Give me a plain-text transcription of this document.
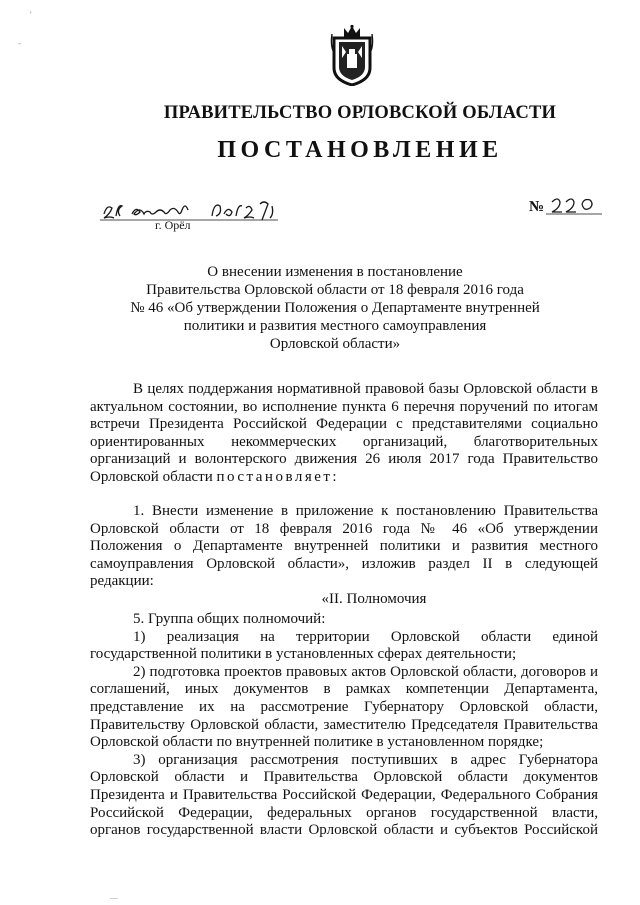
'
-
ПРАВИТЕЛЬСТВО ОРЛОВСКОЙ ОБЛАСТИ
ПОСТАНОВЛЕНИЕ
г. Орёл
№
О внесении изменения в постановление
Правительства Орловской области от 18 февраля 2016 года
№ 46 «Об утверждении Положения о Департаменте внутренней
политики и развития местного самоуправления
Орловской области»

В целях поддержания нормативной правовой базы Орловской области в актуальном состоянии, во исполнение пункта 6 перечня поручений по итогам встречи Президента Российской Федерации с представителями социально ориентированных некоммерческих организаций, благотворительных организаций и волонтерского движения 26 июля 2017 года Правительство Орловской области постановляет:

1. Внести изменение в приложение к постановлению Правительства Орловской области от 18 февраля 2016 года № 46 «Об утверждении Положения о Департаменте внутренней политики и развития местного самоуправления Орловской области», изложив раздел II в следующей редакции:

«II. Полномочия

5. Группа общих полномочий:

1) реализация на территории Орловской области единой государственной политики в установленных сферах деятельности;

2) подготовка проектов правовых актов Орловской области, договоров и соглашений, иных документов в рамках компетенции Департамента, представление их на рассмотрение Губернатору Орловской области, Правительству Орловской области, заместителю Председателя Правительства Орловской области по внутренней политике в установленном порядке;

3) организация рассмотрения поступивших в адрес Губернатора Орловской области и Правительства Орловской области документов Президента и Правительства Российской Федерации, Федерального Собрания Российской Федерации, федеральных органов государственной власти, органов государственной власти Орловской области и субъектов Российской

—
